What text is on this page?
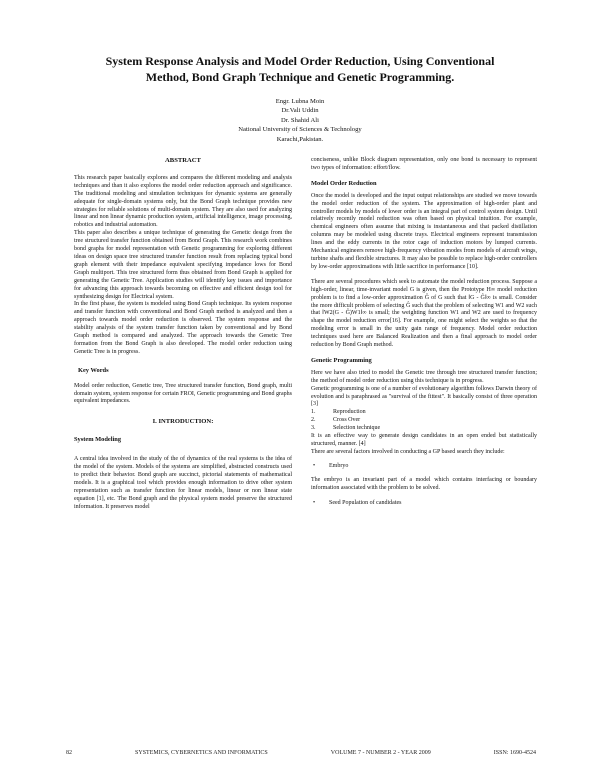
System Response Analysis and Model Order Reduction, Using Conventional
Method, Bond Graph Technique and Genetic Programming.
Engr. Lubna Moin
Dr.Vali Uddin
Dr. Shahid Ali
National University of Sciences & Technology
Karachi,Pakistan.
ABSTRACT

This research paper basically explores and compares the different modeling and analysis techniques and than it also explores the model order reduction approach and significance. The traditional modeling and simulation techniques for dynamic systems are generally adequate for single-domain systems only, but the Bond Graph technique provides new strategies for reliable solutions of multi-domain system. They are also used for analyzing linear and non linear dynamic production system, artificial intelligence, image processing, robotics and industrial automation.

This paper also describes a unique technique of generating the Genetic design from the tree structured transfer function obtained from Bond Graph. This research work combines bond graphs for model representation with Genetic programming for exploring different ideas on design space tree structured transfer function result from replacing typical bond graph element with their impedance equivalent specifying impedance lows for Bond Graph multiport. This tree structured form thus obtained from Bond Graph is applied for generating the Genetic Tree. Application studies will identify key issues and importance for advancing this approach towards becoming on effective and efficient design tool for synthesizing design for Electrical system.

In the first phase, the system is modeled using Bond Graph technique. Its system response and transfer function with conventional and Bond Graph method is analyzed and then a approach towards model order reduction is observed. The system response and the stability analysis of the system transfer function taken by conventional and by Bond Graph method is compared and analyzed. The approach towards the Genetic Tree formation from the Bond Graph is also developed. The model order reduction using Genetic Tree is in progress.

Key Words

Model order reduction, Genetic tree, Tree structured transfer function, Bond graph, multi domain system, system response for certain FROI, Genetic programming and Bond graphs equivalent impedances.

I. INTRODUCTION:
System Modeling

A central idea involved in the study of the of dynamics of the real systems is the idea of the model of the system. Models of the systems are simplified, abstracted constructs used to predict their behavior. Bond graph are succinct, pictorial statements of mathematical models. It is a graphical tool which provides enough information to drive other system representation such as transfer function for linear models, linear or non linear state equation [1], etc. The Bond graph and the physical system model preserve the structured information. It preserves model

conciseness, unlike Block diagram representation, only one bond is necessary to represent two types of information: effort/flow.

Model Order Reduction

Once the model is developed and the input output relationships are studied we move towards the model order reduction of the system. The approximation of high-order plant and controller models by models of lower order is an integral part of control system design. Until relatively recently model reduction was often based on physical intuition. For example, chemical engineers often assume that mixing is instantaneous and that packed distillation columns may be modeled using discrete trays. Electrical engineers represent transmission lines and the eddy currents in the rotor cage of induction motors by lumped currents. Mechanical engineers remove high-frequency vibration modes from models of aircraft wings, turbine shafts and flexible structures. It may also be possible to replace high-order controllers by low-order approximations with little sacrifice in performance [10].

There are several procedures which seek to automate the model reduction process. Suppose a high-order, linear, time-invariant model G is given, then the Prototype H∞ model reduction problem is to find a low-order approximation Ĝ of G such that ‖G - Ĝ‖∞ is small. Consider the more difficult problem of selecting Ĝ such that the problem of selecting W1 and W2 such that ‖W2(G - Ĝ)W1‖∞ is small; the weighting function W1 and W2 are used to frequency shape the model reduction error[16]. For example, one might select the weights so that the modeling error is small in the unity gain range of frequency. Model order reduction techniques used here are Balanced Realization and then a final approach to model order reduction by Bond Graph method.

Genetic Programming

Here we have also tried to model the Genetic tree through tree structured transfer function; the method of model order reduction using this technique is in progress.

Genetic programming is one of a number of evolutionary algorithm follows Darwin theory of evolution and is paraphrased as "survival of the fittest". It basically consist of three operation [3]

1.	Reproduction
2.	Cross Over
3.	Selection technique

It is an effective way to generate design candidates in an open ended but statistically structured, manner. [4]

There are several factors involved in conducting a GP based search they include:

•	Embryo

The embryo is an invariant part of a model which contains interfacing or boundary information associated with the problem to be solved.

•	Seed Population of candidates
82	SYSTEMICS, CYBERNETICS AND INFORMATICS	VOLUME 7 - NUMBER 2 - YEAR 2009	ISSN: 1690-4524
